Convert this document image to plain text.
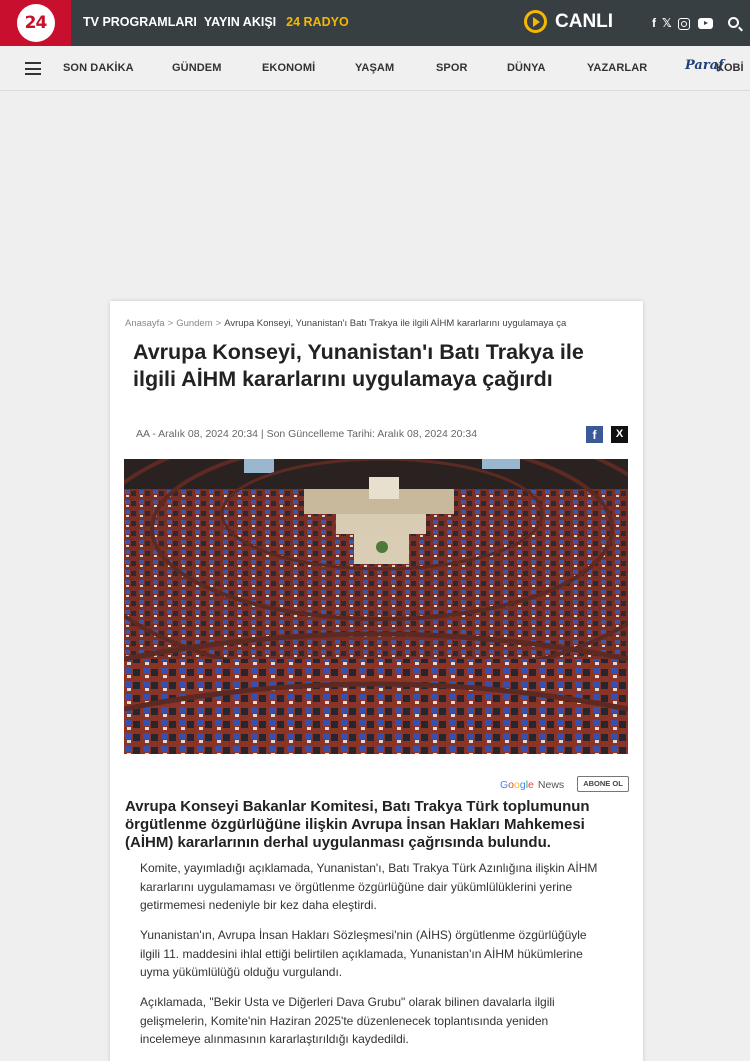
24	TV PROGRAMLARI YAYIN AKIŞI 24 RADYO	CANLI	f 𝕏
SON DAKİKA	GÜNDEM	EKONOMİ	YAŞAM	SPOR	DÜNYA	YAZARLAR	Paraf
KOBİ
Anasayfa > Gundem > Avrupa Konseyi, Yunanistan'ı Batı Trakya ile ilgili AİHM kararlarını uygulamaya ça
Avrupa Konseyi, Yunanistan'ı Batı Trakya ile ilgili AİHM kararlarını uygulamaya çağırdı
AA - Aralık 08, 2024 20:34 | Son Güncelleme Tarihi: Aralık 08, 2024 20:34	f	X
Google News	ABONE OL

Avrupa Konseyi Bakanlar Komitesi, Batı Trakya Türk toplumunun örgütlenme özgürlüğüne ilişkin Avrupa İnsan Hakları Mahkemesi (AİHM) kararlarının derhal uygulanması çağrısında bulundu.

Komite, yayımladığı açıklamada, Yunanistan'ı, Batı Trakya Türk Azınlığına ilişkin AİHM kararlarını uygulamaması ve örgütlenme özgürlüğüne dair yükümlülüklerini yerine getirmemesi nedeniyle bir kez daha eleştirdi.

Yunanistan'ın, Avrupa İnsan Hakları Sözleşmesi'nin (AİHS) örgütlenme özgürlüğüyle ilgili 11. maddesini ihlal ettiği belirtilen açıklamada, Yunanistan'ın AİHM hükümlerine uyma yükümlülüğü olduğu vurgulandı.

Açıklamada, "Bekir Usta ve Diğerleri Dava Grubu" olarak bilinen davalarla ilgili gelişmelerin, Komite'nin Haziran 2025'te düzenlenecek toplantısında yeniden incelemeye alınmasının kararlaştırıldığı kaydedildi.
